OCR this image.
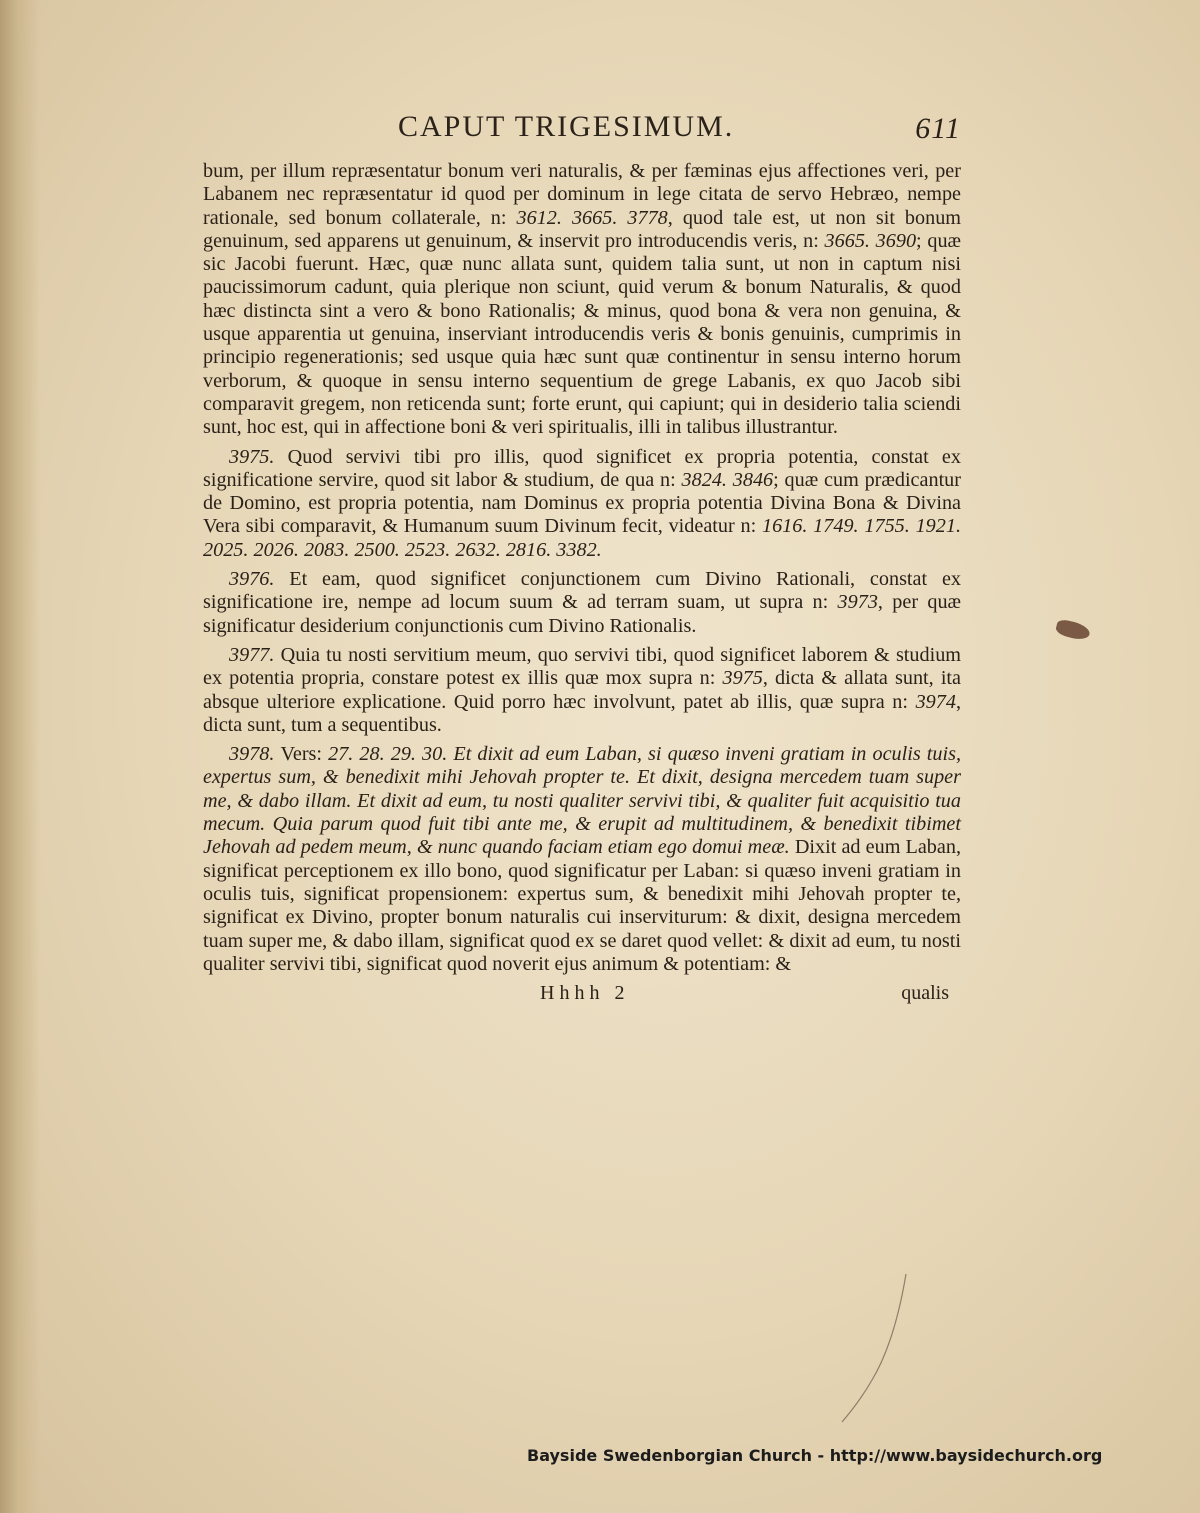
CAPUT TRIGESIMUM.	611

bum, per illum repræsentatur bonum veri naturalis, & per fæminas ejus affectiones veri, per Labanem nec repræsentatur id quod per dominum in lege citata de servo Hebræo, nempe rationale, sed bonum collaterale, n: 3612. 3665. 3778, quod tale est, ut non sit bonum genuinum, sed apparens ut genuinum, & inservit pro introducendis veris, n: 3665. 3690; quæ sic Jacobi fuerunt. Hæc, quæ nunc allata sunt, quidem talia sunt, ut non in captum nisi paucissimorum cadunt, quia plerique non sciunt, quid verum & bonum Naturalis, & quod hæc distincta sint a vero & bono Rationalis; & minus, quod bona & vera non genuina, & usque apparentia ut genuina, inserviant introducendis veris & bonis genuinis, cumprimis in principio regenerationis; sed usque quia hæc sunt quæ continentur in sensu interno horum verborum, & quoque in sensu interno sequentium de grege Labanis, ex quo Jacob sibi comparavit gregem, non reticenda sunt; forte erunt, qui capiunt; qui in desiderio talia sciendi sunt, hoc est, qui in affectione boni & veri spiritualis, illi in talibus illustrantur.

3975. Quod servivi tibi pro illis, quod significet ex propria potentia, constat ex significatione servire, quod sit labor & studium, de qua n: 3824. 3846; quæ cum prædicantur de Domino, est propria potentia, nam Dominus ex propria potentia Divina Bona & Divina Vera sibi comparavit, & Humanum suum Divinum fecit, videatur n: 1616. 1749. 1755. 1921. 2025. 2026. 2083. 2500. 2523. 2632. 2816. 3382.

3976. Et eam, quod significet conjunctionem cum Divino Rationali, constat ex significatione ire, nempe ad locum suum & ad terram suam, ut supra n: 3973, per quæ significatur desiderium conjunctionis cum Divino Rationalis.

3977. Quia tu nosti servitium meum, quo servivi tibi, quod significet laborem & studium ex potentia propria, constare potest ex illis quæ mox supra n: 3975, dicta & allata sunt, ita absque ulteriore explicatione. Quid porro hæc involvunt, patet ab illis, quæ supra n: 3974, dicta sunt, tum a sequentibus.

3978. Vers: 27. 28. 29. 30. Et dixit ad eum Laban, si quæso inveni gratiam in oculis tuis, expertus sum, & benedixit mihi Jehovah propter te. Et dixit, designa mercedem tuam super me, & dabo illam. Et dixit ad eum, tu nosti qualiter servivi tibi, & qualiter fuit acquisitio tua mecum. Quia parum quod fuit tibi ante me, & erupit ad multitudinem, & benedixit tibimet Jehovah ad pedem meum, & nunc quando faciam etiam ego domui meæ. Dixit ad eum Laban, significat perceptionem ex illo bono, quod significatur per Laban: si quæso inveni gratiam in oculis tuis, significat propensionem: expertus sum, & benedixit mihi Jehovah propter te, significat ex Divino, propter bonum naturalis cui inserviturum: & dixit, designa mercedem tuam super me, & dabo illam, significat quod ex se daret quod vellet: & dixit ad eum, tu nosti qualiter servivi tibi, significat quod noverit ejus animum & potentiam: &

Hhhh 2	qualis
Bayside Swedenborgian Church - http://www.baysidechurch.org
